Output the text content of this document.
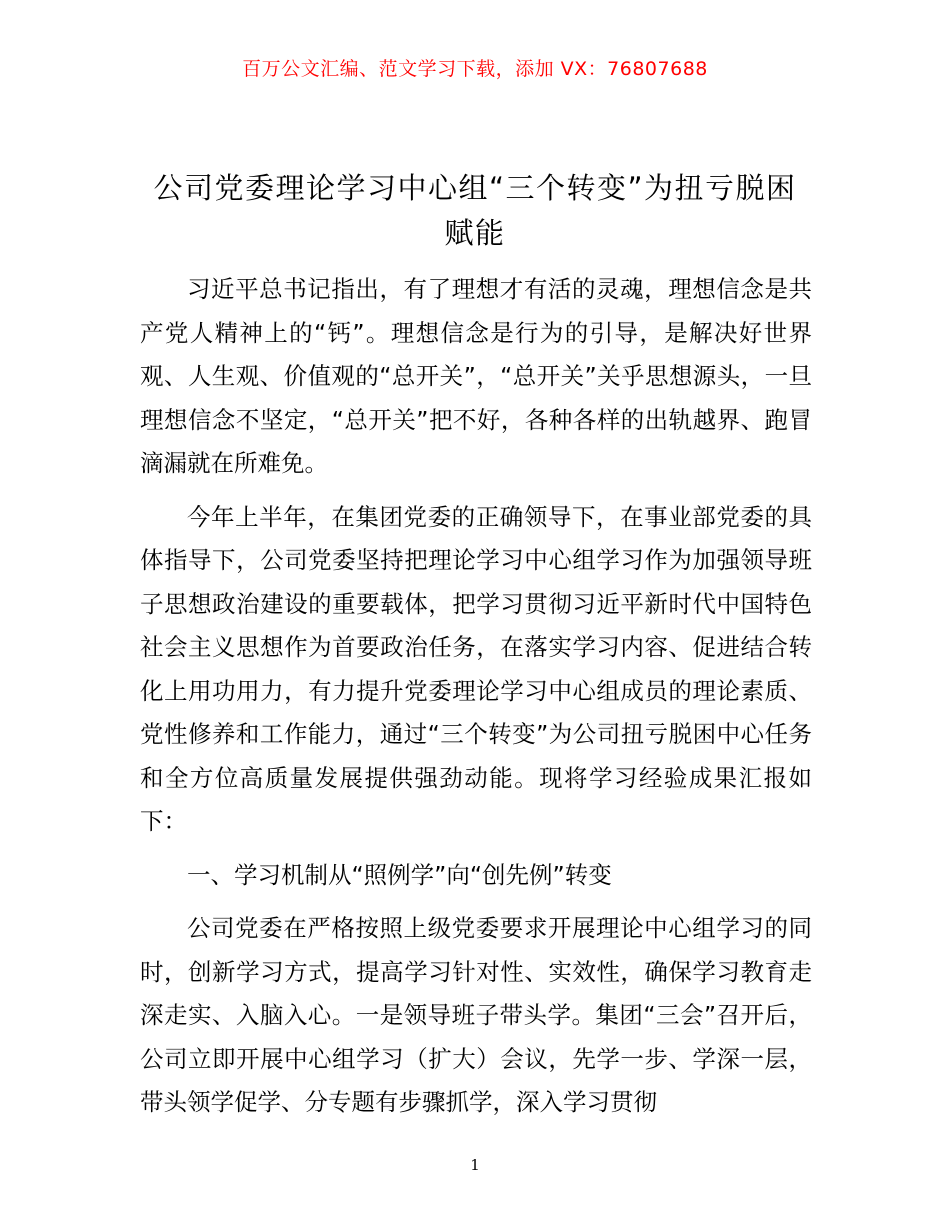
百万公文汇编、范文学习下载，添加 VX：76807688
公司党委理论学习中心组“三个转变”为扭亏脱困赋能

习近平总书记指出，有了理想才有活的灵魂，理想信念是共产党人精神上的“钙”。理想信念是行为的引导，是解决好世界观、人生观、价值观的“总开关”，“总开关”关乎思想源头，一旦理想信念不坚定，“总开关”把不好，各种各样的出轨越界、跑冒滴漏就在所难免。

今年上半年，在集团党委的正确领导下，在事业部党委的具体指导下，公司党委坚持把理论学习中心组学习作为加强领导班子思想政治建设的重要载体，把学习贯彻习近平新时代中国特色社会主义思想作为首要政治任务，在落实学习内容、促进结合转化上用功用力，有力提升党委理论学习中心组成员的理论素质、党性修养和工作能力，通过“三个转变”为公司扭亏脱困中心任务和全方位高质量发展提供强劲动能。现将学习经验成果汇报如下：

一、学习机制从“照例学”向“创先例”转变

公司党委在严格按照上级党委要求开展理论中心组学习的同时，创新学习方式，提高学习针对性、实效性，确保学习教育走深走实、入脑入心。一是领导班子带头学。集团“三会”召开后，公司立即开展中心组学习（扩大）会议，先学一步、学深一层，带头领学促学、分专题有步骤抓学，深入学习贯彻

1
